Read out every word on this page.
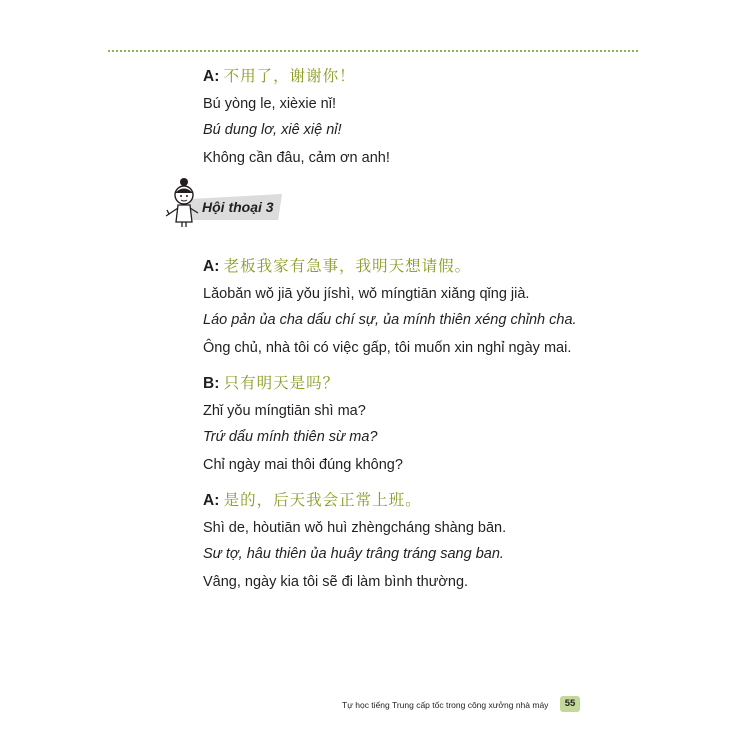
A: 不用了，谢谢你！
Bú yòng le, xièxie nǐ!
Bú dung lơ, xiê xiệ nỉ!
Không cần đâu, cảm ơn anh!
Hội thoại 3
A: 老板我家有急事，我明天想请假。
Lǎobǎn wǒ jiā yǒu jíshì, wǒ míngtiān xiǎng qǐng jià.
Láo pản ủa cha dẩu chí sự, ủa mính thiên xéng chỉnh cha.
Ông chủ, nhà tôi có việc gấp, tôi muốn xin nghỉ ngày mai.
B: 只有明天是吗？
Zhǐ yǒu míngtiān shì ma?
Trứ dẩu mính thiên sừ ma?
Chỉ ngày mai thôi đúng không?
A: 是的，后天我会正常上班。
Shì de, hòutiān wǒ huì zhèngcháng shàng bān.
Sư tợ, hâu thiên ủa huây trâng tráng sang ban.
Vâng, ngày kia tôi sẽ đi làm bình thường.
Tự học tiếng Trung cấp tốc trong công xưởng nhà máy	55
